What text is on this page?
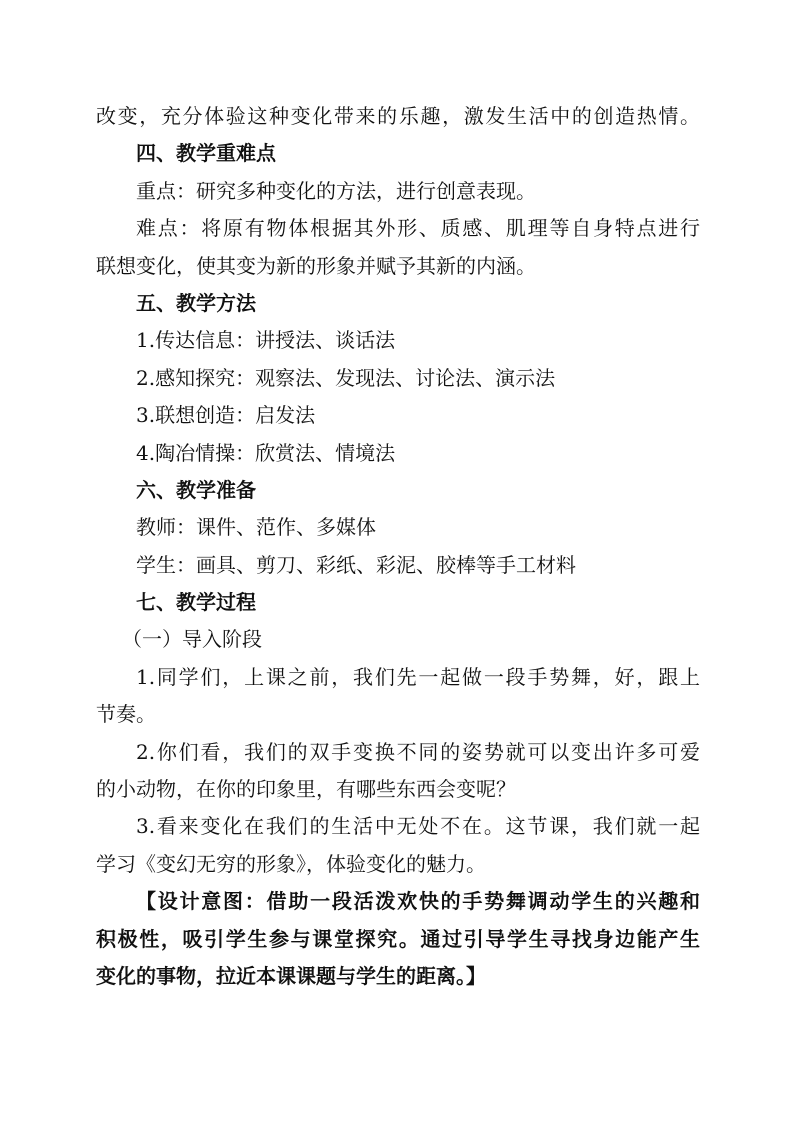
改变，充分体验这种变化带来的乐趣，激发生活中的创造热情。
四、教学重难点
重点：研究多种变化的方法，进行创意表现。
难点：将原有物体根据其外形、质感、肌理等自身特点进行
联想变化，使其变为新的形象并赋予其新的内涵。
五、教学方法
1.传达信息：讲授法、谈话法
2.感知探究：观察法、发现法、讨论法、演示法
3.联想创造：启发法
4.陶冶情操：欣赏法、情境法
六、教学准备
教师：课件、范作、多媒体
学生：画具、剪刀、彩纸、彩泥、胶棒等手工材料
七、教学过程
（一）导入阶段
1.同学们，上课之前，我们先一起做一段手势舞，好，跟上
节奏。
2.你们看，我们的双手变换不同的姿势就可以变出许多可爱
的小动物，在你的印象里，有哪些东西会变呢？
3.看来变化在我们的生活中无处不在。这节课，我们就一起
学习《变幻无穷的形象》，体验变化的魅力。
【设计意图：借助一段活泼欢快的手势舞调动学生的兴趣和
积极性，吸引学生参与课堂探究。通过引导学生寻找身边能产生
变化的事物，拉近本课课题与学生的距离。】
